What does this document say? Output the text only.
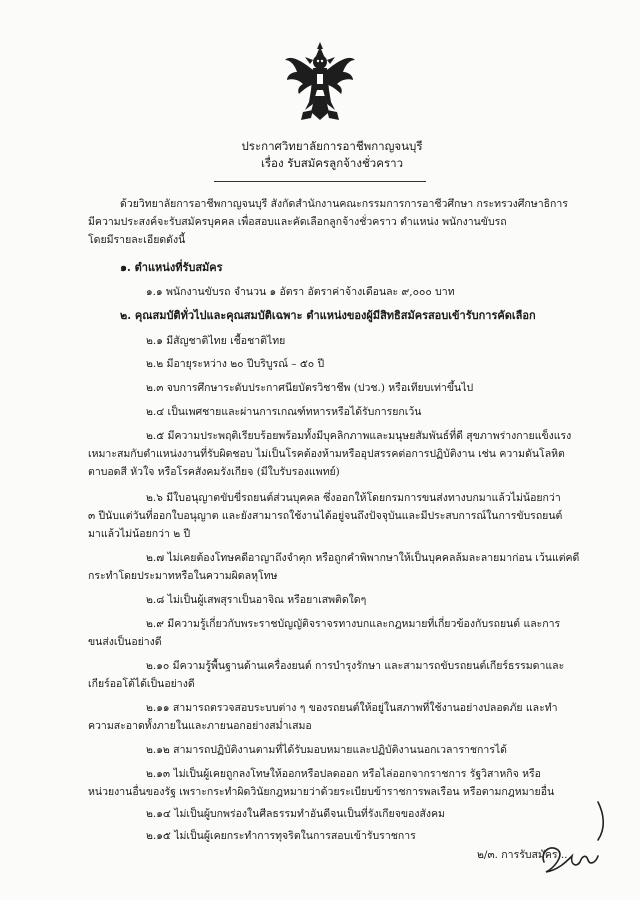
ประกาศวิทยาลัยการอาชีพกาญจนบุรี
เรื่อง รับสมัครลูกจ้างชั่วคราว
ด้วยวิทยาลัยการอาชีพกาญจนบุรี สังกัดสำนักงานคณะกรรมการการอาชีวศึกษา กระทรวงศึกษาธิการ
มีความประสงค์จะรับสมัครบุคคล เพื่อสอบและคัดเลือกลูกจ้างชั่วคราว ตำแหน่ง พนักงานขับรถ
โดยมีรายละเอียดดังนี้
๑. ตำแหน่งที่รับสมัคร
๑.๑ พนักงานขับรถ จำนวน ๑ อัตรา อัตราค่าจ้างเดือนละ ๙,๐๐๐ บาท
๒. คุณสมบัติทั่วไปและคุณสมบัติเฉพาะ ตำแหน่งของผู้มีสิทธิสมัครสอบเข้ารับการคัดเลือก
๒.๑ มีสัญชาติไทย เชื้อชาติไทย
๒.๒ มีอายุระหว่าง ๒๐ ปีบริบูรณ์ – ๕๐ ปี
๒.๓ จบการศึกษาระดับประกาศนียบัตรวิชาชีพ (ปวช.) หรือเทียบเท่าขึ้นไป
๒.๔ เป็นเพศชายและผ่านการเกณฑ์ทหารหรือได้รับการยกเว้น
๒.๕ มีความประพฤติเรียบร้อยพร้อมทั้งมีบุคลิกภาพและมนุษยสัมพันธ์ที่ดี สุขภาพร่างกายแข็งแรง
เหมาะสมกับตำแหน่งงานที่รับผิดชอบ ไม่เป็นโรคต้องห้ามหรืออุปสรรคต่อการปฏิบัติงาน เช่น ความดันโลหิต
ตาบอดสี หัวใจ หรือโรคสังคมรังเกียจ (มีใบรับรองแพทย์)
๒.๖ มีใบอนุญาตขับขี่รถยนต์ส่วนบุคคล ซึ่งออกให้โดยกรมการขนส่งทางบกมาแล้วไม่น้อยกว่า
๓ ปีนับแต่วันที่ออกใบอนุญาต และยังสามารถใช้งานได้อยู่จนถึงปัจจุบันและมีประสบการณ์ในการขับรถยนต์
มาแล้วไม่น้อยกว่า ๒ ปี
๒.๗ ไม่เคยต้องโทษคดีอาญาถึงจำคุก หรือถูกคำพิพากษาให้เป็นบุคคลล้มละลายมาก่อน เว้นแต่คดี
กระทำโดยประมาทหรือในความผิดลหุโทษ
๒.๘ ไม่เป็นผู้เสพสุราเป็นอาจิณ หรือยาเสพติดใดๆ
๒.๙ มีความรู้เกี่ยวกับพระราชบัญญัติจราจรทางบกและกฎหมายที่เกี่ยวข้องกับรถยนต์ และการ
ขนส่งเป็นอย่างดี
๒.๑๐ มีความรู้พื้นฐานด้านเครื่องยนต์ การบำรุงรักษา และสามารถขับรถยนต์เกียร์ธรรมดาและ
เกียร์ออโต้ได้เป็นอย่างดี
๒.๑๑ สามารถตรวจสอบระบบต่าง ๆ ของรถยนต์ให้อยู่ในสภาพที่ใช้งานอย่างปลอดภัย และทำ
ความสะอาดทั้งภายในและภายนอกอย่างสม่ำเสมอ
๒.๑๒ สามารถปฏิบัติงานตามที่ได้รับมอบหมายและปฏิบัติงานนอกเวลาราชการได้
๒.๑๓ ไม่เป็นผู้เคยถูกลงโทษให้ออกหรือปลดออก หรือไล่ออกจากราชการ รัฐวิสาหกิจ หรือ
หน่วยงานอื่นของรัฐ เพราะกระทำผิดวินัยกฎหมายว่าด้วยระเบียบข้าราชการพลเรือน หรือตามกฎหมายอื่น
๒.๑๔ ไม่เป็นผู้บกพร่องในศีลธรรมทำอันดีจนเป็นที่รังเกียจของสังคม
๒.๑๕ ไม่เป็นผู้เคยกระทำการทุจริตในการสอบเข้ารับราชการ
๒/๓. การรับสมัคร...
